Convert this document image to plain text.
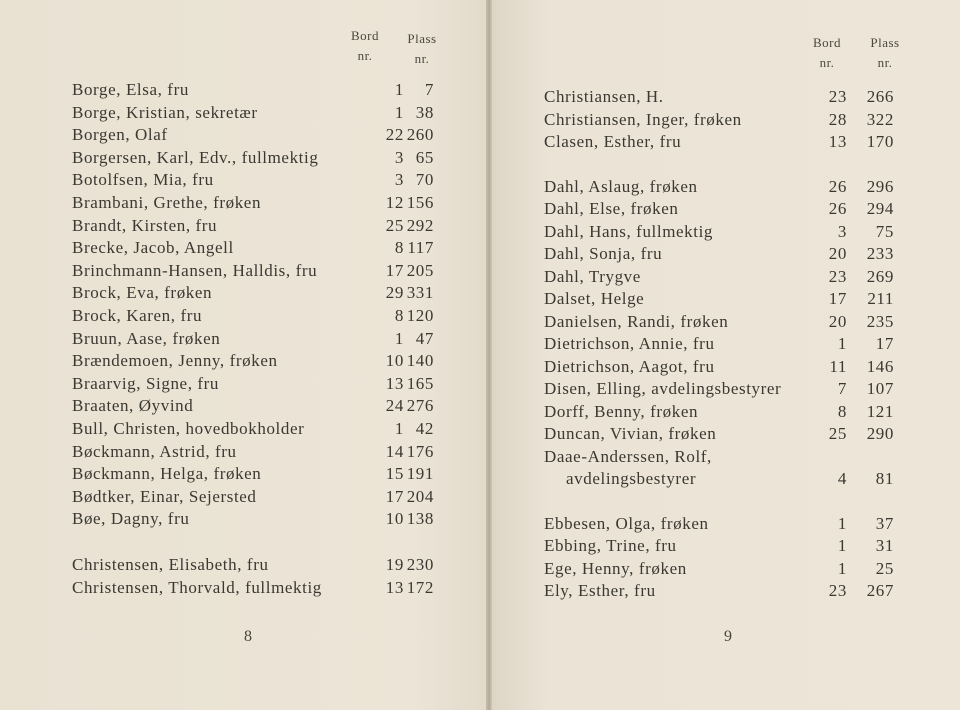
Bord
nr.
Plass
nr.
Borge, Elsa, fru	1	7
Borge, Kristian, sekretær	1 38
Borgen, Olaf	22 260
Borgersen, Karl, Edv., fullmektig	3 65
Botolfsen, Mia, fru	3 70
Brambani, Grethe, frøken	12 156
Brandt, Kirsten, fru	25 292
Brecke, Jacob, Angell	8 117
Brinchmann-Hansen, Halldis, fru	17 205
Brock, Eva, frøken	29 331
Brock, Karen, fru	8 120
Bruun, Aase, frøken	1 47
Brændemoen, Jenny, frøken	10 140
Braarvig, Signe, fru	13 165
Braaten, Øyvind	24 276
Bull, Christen, hovedbokholder	1 42
Bøckmann, Astrid, fru	14 176
Bøckmann, Helga, frøken	15 191
Bødtker, Einar, Sejersted	17 204
Bøe, Dagny, fru	10 138
Christensen, Elisabeth, fru	19 230
Christensen, Thorvald, fullmektig	13 172
8
Bord
nr.
Plass
nr.
Christiansen, H.	23	266
Christiansen, Inger, frøken	28	322
Clasen, Esther, fru	13	170
Dahl, Aslaug, frøken	26	296
Dahl, Else, frøken	26	294
Dahl, Hans, fullmektig	3	75
Dahl, Sonja, fru	20	233
Dahl, Trygve	23	269
Dalset, Helge	17	211
Danielsen, Randi, frøken	20	235
Dietrichson, Annie, fru	1	17
Dietrichson, Aagot, fru	11	146
Disen, Elling, avdelingsbestyrer	7	107
Dorff, Benny, frøken	8	121
Duncan, Vivian, frøken	25	290
Daae-Anderssen, Rolf,
avdelingsbestyrer	4	81
Ebbesen, Olga, frøken	1	37
Ebbing, Trine, fru	1	31
Ege, Henny, frøken	1	25
Ely, Esther, fru	23	267
9
